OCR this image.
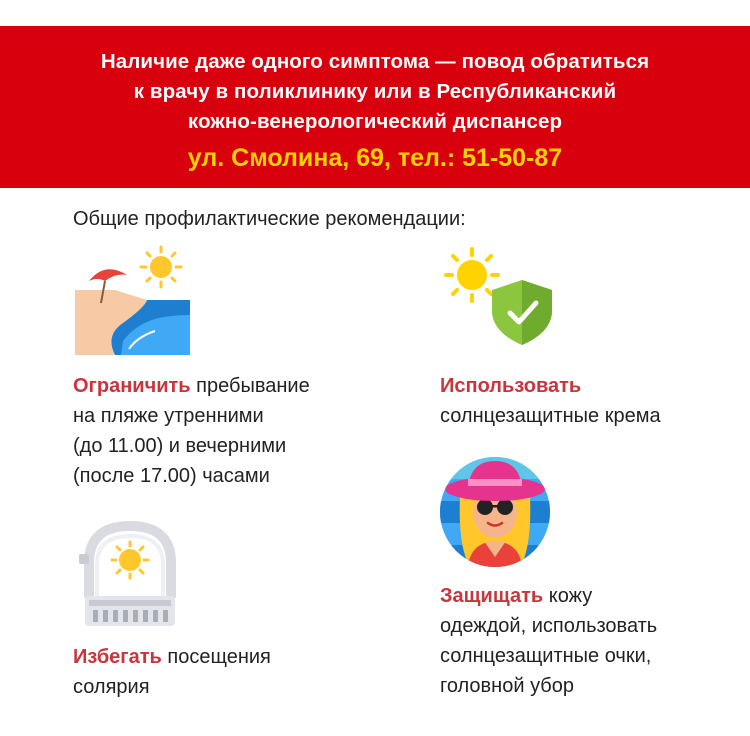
Наличие даже одного симптома — повод обратиться
к врачу в поликлинику или в Республиканский
кожно-венерологический диспансер
ул. Смолина, 69, тел.: 51-50-87
Общие профилактические рекомендации:
Ограничить пребывание
на пляже утренними
(до 11.00) и вечерними
(после 17.00) часами
Использовать
солнцезащитные крема
Избегать посещения
солярия
Защищать кожу
одеждой, использовать
солнцезащитные очки,
головной убор
